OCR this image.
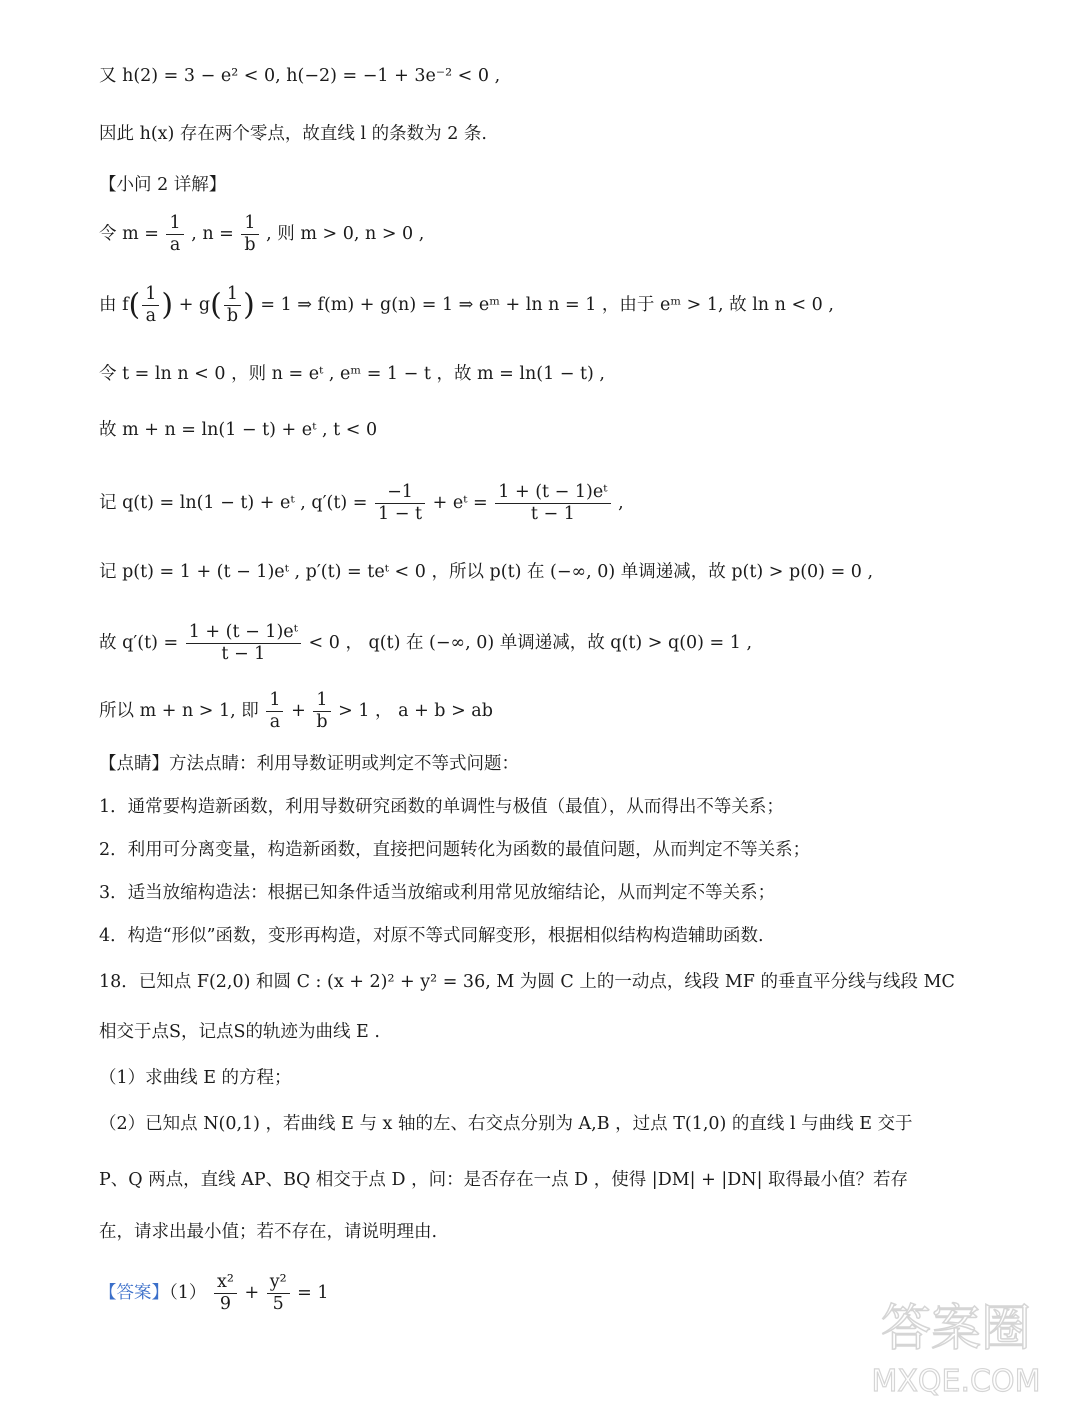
又 h(2) = 3 − e² < 0, h(−2) = −1 + 3e⁻² < 0 ,
因此 h(x) 存在两个零点，故直线 l 的条数为 2 条.
【小问 2 详解】
令 $m = \frac{1}{a}$ , $n = \frac{1}{b}$ , 则 m > 0, n > 0 ,
由 $f( \frac{1}{a}$ ) + $g( \frac{1}{b}$ ) = 1 ⇒ f(m) + g(n) = 1 ⇒ eᵐ + ln n = 1 ，由于 eᵐ > 1, 故 ln n < 0 ,
令 t = ln n < 0 ，则 n = eᵗ , eᵐ = 1 − t ，故 m = ln(1 − t) ,
故 m + n = ln(1 − t) + eᵗ , t < 0
记 q(t) = ln(1 − t) + eᵗ , $q'(t) = \frac{-1}{1 - t}$ + eᵗ = $\frac{\text{1 + (t − 1)eᵗ}}{t - 1}$ ,
记 p(t) = 1 + (t − 1)eᵗ , p′(t) = teᵗ < 0 ，所以 p(t) 在 (−∞, 0) 单调递减，故 p(t) > p(0) = 0 ,
故 $q'(t) = \frac{\text{1 + (t − 1)eᵗ}}{t - 1} < 0$ ， q(t) 在 (−∞, 0) 单调递减，故 q(t) > q(0) = 1 ,
所以 m + n > 1, 即 $\frac{1}{a} + \frac{1}{b} > 1$ ， a + b > ab
【点睛】方法点睛：利用导数证明或判定不等式问题：
1．通常要构造新函数，利用导数研究函数的单调性与极值（最值），从而得出不等关系；
2．利用可分离变量，构造新函数，直接把问题转化为函数的最值问题，从而判定不等关系；
3．适当放缩构造法：根据已知条件适当放缩或利用常见放缩结论，从而判定不等关系；
4．构造“形似”函数，变形再构造，对原不等式同解变形，根据相似结构构造辅助函数.
18．已知点 F(2,0) 和圆 C : (x + 2)² + y² = 36, M 为圆 C 上的一动点，线段 MF 的垂直平分线与线段 MC
相交于点S，记点S的轨迹为曲线 E .
（1）求曲线 E 的方程；
（2）已知点 N(0,1) ，若曲线 E 与 x 轴的左、右交点分别为 A,B ，过点 T(1,0) 的直线 l 与曲线 E 交于
P、Q 两点，直线 AP、BQ 相交于点 D ，问：是否存在一点 D ，使得 |DM| + |DN| 取得最小值？若存
在，请求出最小值；若不存在，请说明理由.
【答案】$(1) \frac{\text{x²}}{9} + \frac{\text{y²}}{5} = 1$
答案圈
MXQE.COM
